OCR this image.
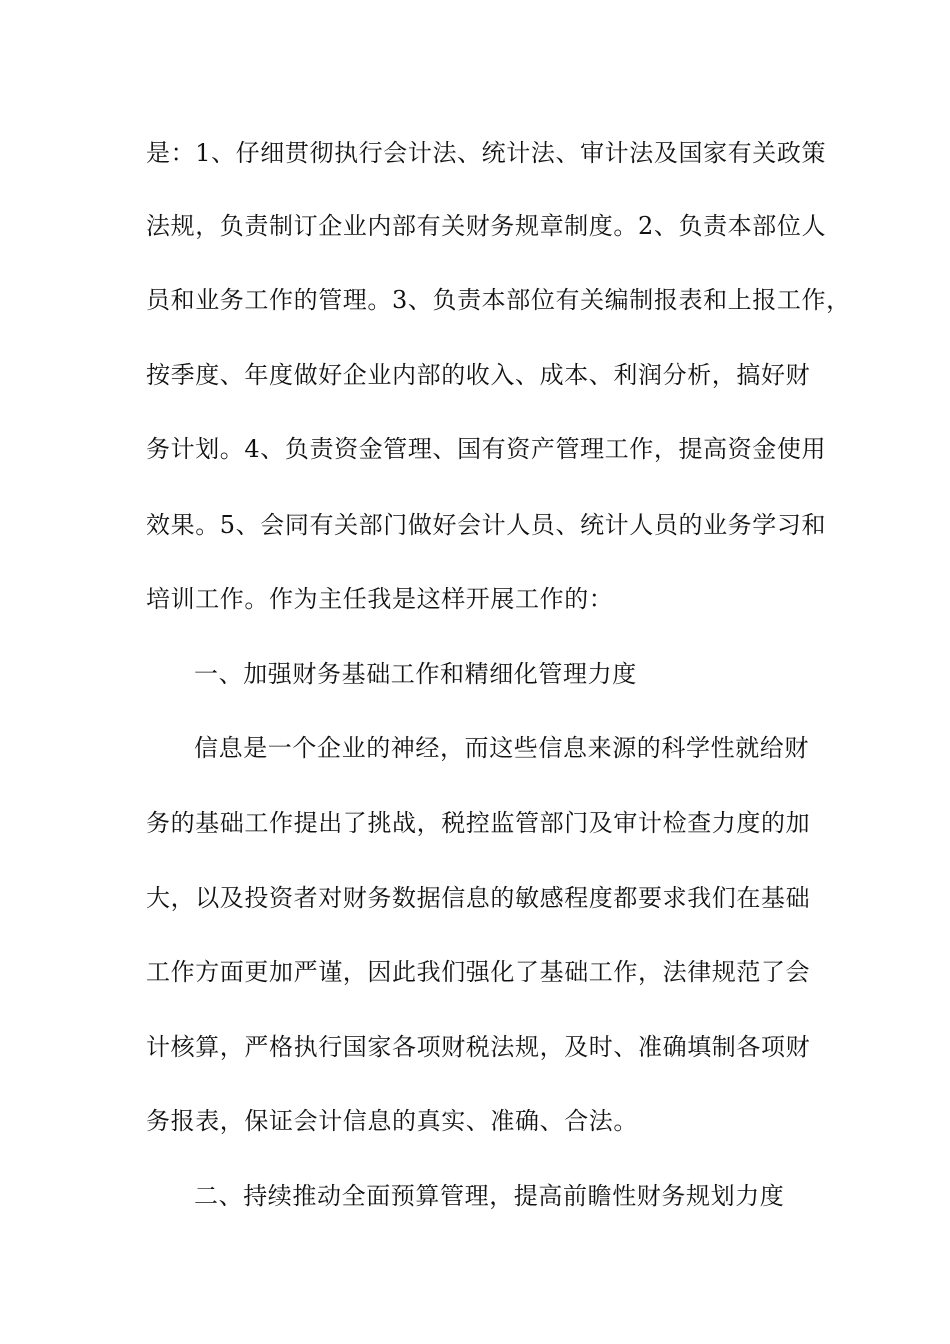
是：1、仔细贯彻执行会计法、统计法、审计法及国家有关政策
法规，负责制订企业内部有关财务规章制度。2、负责本部位人
员和业务工作的管理。3、负责本部位有关编制报表和上报工作，
按季度、年度做好企业内部的收入、成本、利润分析，搞好财
务计划。4、负责资金管理、国有资产管理工作，提高资金使用
效果。5、会同有关部门做好会计人员、统计人员的业务学习和
培训工作。作为主任我是这样开展工作的：
一、加强财务基础工作和精细化管理力度
信息是一个企业的神经，而这些信息来源的科学性就给财
务的基础工作提出了挑战，税控监管部门及审计检查力度的加
大，以及投资者对财务数据信息的敏感程度都要求我们在基础
工作方面更加严谨，因此我们强化了基础工作，法律规范了会
计核算，严格执行国家各项财税法规，及时、准确填制各项财
务报表，保证会计信息的真实、准确、合法。
二、持续推动全面预算管理，提高前瞻性财务规划力度
